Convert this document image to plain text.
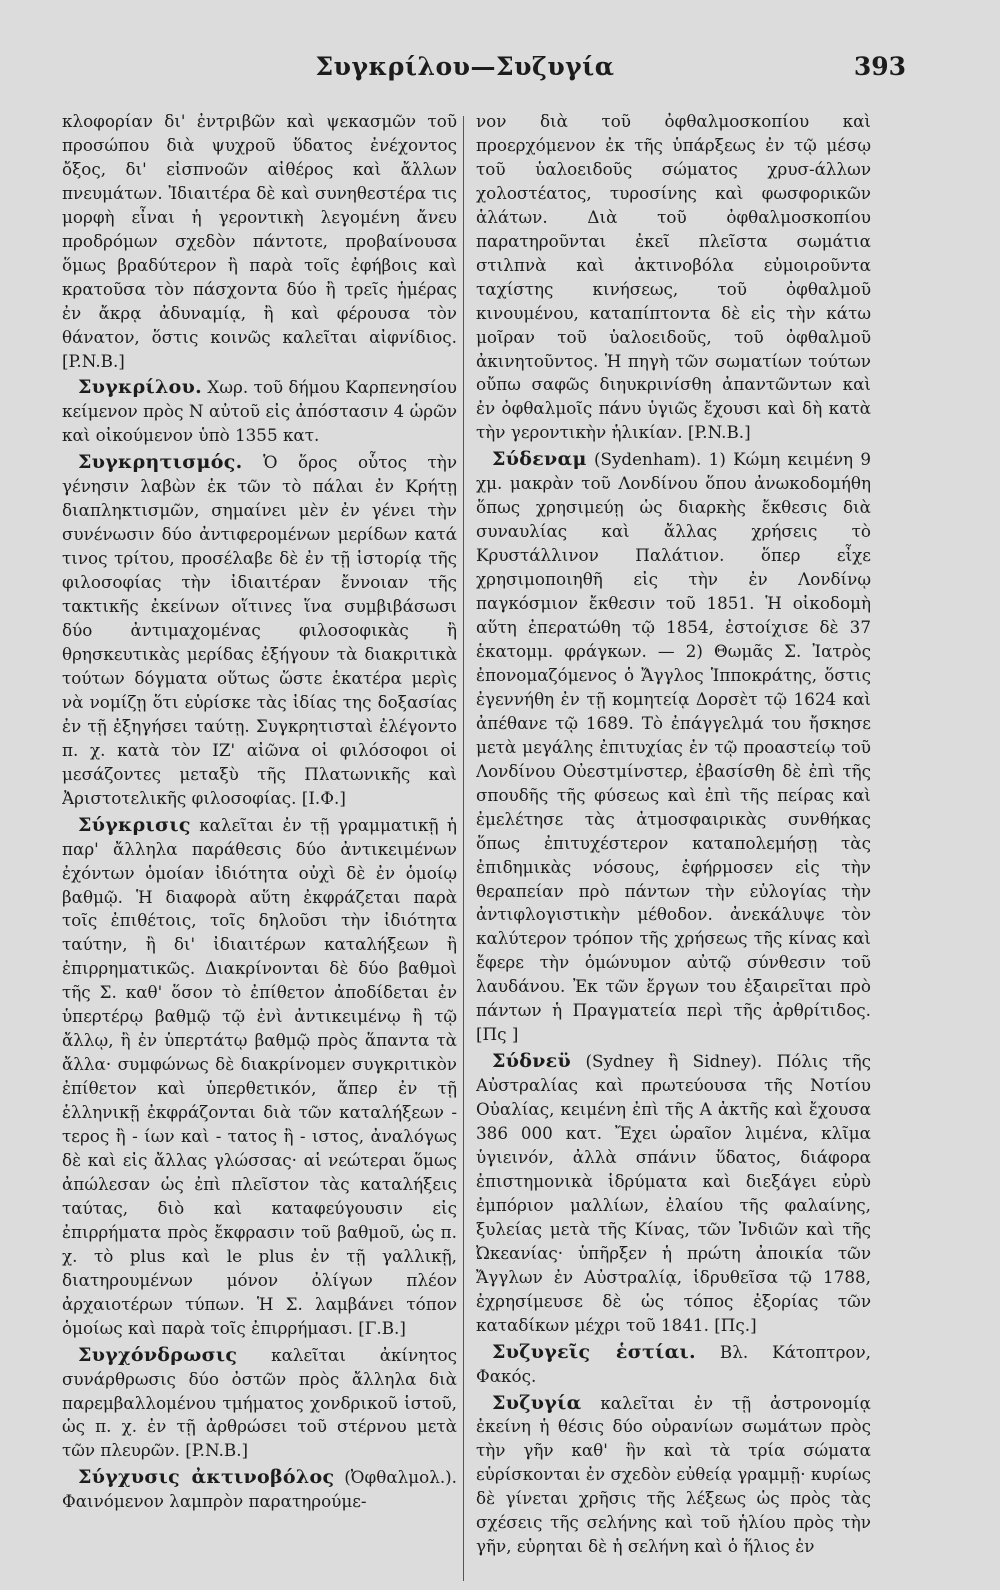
Συγκρίλου—Συζυγία	393

κλοφορίαν δι' ἐντριβῶν καὶ ψεκασμῶν τοῦ προσώπου διὰ ψυχροῦ ὕδατος ἐνέχοντος ὄξος, δι' εἰσπνοῶν αἰθέρος καὶ ἄλλων πνευμάτων. Ἰδιαιτέρα δὲ καὶ συνηθεστέρα τις μορφὴ εἶναι ἡ γεροντικὴ λεγομένη ἄνευ προδρόμων σχεδὸν πάντοτε, προβαίνουσα ὅμως βραδύτερον ἢ παρὰ τοῖς ἐφήβοις καὶ κρατοῦσα τὸν πάσχοντα δύο ἢ τρεῖς ἡμέρας ἐν ἄκρᾳ ἀδυναμίᾳ, ἢ καὶ φέρουσα τὸν θάνατον, ὅστις κοινῶς καλεῖται αἰφνίδιος. [P.N.B.]

Συγκρίλου. Χωρ. τοῦ δήμου Καρπενησίου κείμενον πρὸς Ν αὐτοῦ εἰς ἀπόστασιν 4 ὡρῶν καὶ οἰκούμενον ὑπὸ 1355 κατ.

Συγκρητισμός. Ὁ ὅρος οὗτος τὴν γένησιν λαβὼν ἐκ τῶν τὸ πάλαι ἐν Κρήτῃ διαπληκτισμῶν, σημαίνει μὲν ἐν γένει τὴν συνένωσιν δύο ἀντιφερομένων μερίδων κατά τινος τρίτου, προσέλαβε δὲ ἐν τῇ ἱστορίᾳ τῆς φιλοσοφίας τὴν ἰδιαιτέραν ἔννοιαν τῆς τακτικῆς ἐκείνων οἵτινες ἵνα συμβιβάσωσι δύο ἀντιμαχομένας φιλοσοφικὰς ἢ θρησκευτικὰς μερίδας ἐξήγουν τὰ διακριτικὰ τούτων δόγματα οὕτως ὥστε ἑκατέρα μερὶς νὰ νομίζῃ ὅτι εὑρίσκε τὰς ἰδίας της δοξασίας ἐν τῇ ἐξηγήσει ταύτῃ. Συγκρητισταὶ ἐλέγοντο π. χ. κατὰ τὸν ΙΖ' αἰῶνα οἱ φιλόσοφοι οἱ μεσάζοντες μεταξὺ τῆς Πλατωνικῆς καὶ Ἀριστοτελικῆς φιλοσοφίας. [Ι.Φ.]

Σύγκρισις καλεῖται ἐν τῇ γραμματικῇ ἡ παρ' ἄλληλα παράθεσις δύο ἀντικειμένων ἐχόντων ὁμοίαν ἰδιότητα οὐχὶ δὲ ἐν ὁμοίῳ βαθμῷ. Ἡ διαφορὰ αὕτη ἐκφράζεται παρὰ τοῖς ἐπιθέτοις, τοῖς δηλοῦσι τὴν ἰδιότητα ταύτην, ἢ δι' ἰδιαιτέρων καταλήξεων ἢ ἐπιρρηματικῶς. Διακρίνονται δὲ δύο βαθμοὶ τῆς Σ. καθ' ὅσον τὸ ἐπίθετον ἀποδίδεται ἐν ὑπερτέρῳ βαθμῷ τῷ ἐνὶ ἀντικειμένῳ ἢ τῷ ἄλλῳ, ἢ ἐν ὑπερτάτῳ βαθμῷ πρὸς ἅπαντα τὰ ἄλλα· συμφώνως δὲ διακρίνομεν συγκριτικὸν ἐπίθετον καὶ ὑπερθετικόν, ἅπερ ἐν τῇ ἑλληνικῇ ἐκφράζονται διὰ τῶν καταλήξεων - τερος ἢ - ίων καὶ - τατος ἢ - ιστος, ἀναλόγως δὲ καὶ εἰς ἄλλας γλώσσας· αἱ νεώτεραι ὅμως ἀπώλεσαν ὡς ἐπὶ πλεῖστον τὰς καταλήξεις ταύτας, διὸ καὶ καταφεύγουσιν εἰς ἐπιρρήματα πρὸς ἔκφρασιν τοῦ βαθμοῦ, ὡς π. χ. τὸ plus καὶ le plus ἐν τῇ γαλλικῇ, διατηρουμένων μόνον ὀλίγων πλέον ἀρχαιοτέρων τύπων. Ἡ Σ. λαμβάνει τόπον ὁμοίως καὶ παρὰ τοῖς ἐπιρρήμασι. [Γ.Β.]

Συγχόνδρωσις καλεῖται ἀκίνητος συνάρθρωσις δύο ὀστῶν πρὸς ἄλληλα διὰ παρεμβαλλομένου τμήματος χονδρικοῦ ἱστοῦ, ὡς π. χ. ἐν τῇ ἀρθρώσει τοῦ στέρνου μετὰ τῶν πλευρῶν. [P.N.B.]

Σύγχυσις ἀκτινοβόλος (Ὀφθαλμολ.). Φαινόμενον λαμπρὸν παρατηρούμε-

νον διὰ τοῦ ὀφθαλμοσκοπίου καὶ προερχόμενον ἐκ τῆς ὑπάρξεως ἐν τῷ μέσῳ τοῦ ὑαλοειδοῦς σώματος χρυσ-άλλων χολοστέατος, τυροσίνης καὶ φωσφορικῶν ἁλάτων. Διὰ τοῦ ὀφθαλμοσκοπίου παρατηροῦνται ἐκεῖ πλεῖστα σωμάτια στιλπνὰ καὶ ἀκτινοβόλα εὐμοιροῦντα ταχίστης κινήσεως, τοῦ ὀφθαλμοῦ κινουμένου, καταπίπτοντα δὲ εἰς τὴν κάτω μοῖραν τοῦ ὑαλοειδοῦς, τοῦ ὀφθαλμοῦ ἀκινητοῦντος. Ἡ πηγὴ τῶν σωματίων τούτων οὔπω σαφῶς διηυκρινίσθη ἀπαντῶντων καὶ ἐν ὀφθαλμοῖς πάνυ ὑγιῶς ἔχουσι καὶ δὴ κατὰ τὴν γεροντικὴν ἡλικίαν. [P.N.B.]

Σύδεναμ (Sydenham). 1) Κώμη κειμένη 9 χμ. μακρὰν τοῦ Λονδίνου ὅπου ἀνωκοδομήθη ὅπως χρησιμεύῃ ὡς διαρκὴς ἔκθεσις διὰ συναυλίας καὶ ἄλλας χρήσεις τὸ Κρυστάλλινον Παλάτιον. ὅπερ εἶχε χρησιμοποιηθῆ εἰς τὴν ἐν Λονδίνῳ παγκόσμιον ἔκθεσιν τοῦ 1851. Ἡ οἰκοδομὴ αὕτη ἐπερατώθη τῷ 1854, ἐστοίχισε δὲ 37 ἑκατομμ. φράγκων. — 2) Θωμᾶς Σ. Ἰατρὸς ἐπονομαζόμενος ὁ Ἄγγλος Ἱπποκράτης, ὅστις ἐγεννήθη ἐν τῇ κομητείᾳ Δορσὲτ τῷ 1624 καὶ ἀπέθανε τῷ 1689. Τὸ ἐπάγγελμά του ἤσκησε μετὰ μεγάλης ἐπιτυχίας ἐν τῷ προαστείῳ τοῦ Λονδίνου Οὐεστμίνστερ, ἐβασίσθη δὲ ἐπὶ τῆς σπουδῆς τῆς φύσεως καὶ ἐπὶ τῆς πείρας καὶ ἐμελέτησε τὰς ἀτμοσφαιρικὰς συνθήκας ὅπως ἐπιτυχέστερον καταπολεμήσῃ τὰς ἐπιδημικὰς νόσους, ἐφήρμοσεν εἰς τὴν θεραπείαν πρὸ πάντων τὴν εὐλογίας τὴν ἀντιφλογιστικὴν μέθοδον. ἀνεκάλυψε τὸν καλύτερον τρόπον τῆς χρήσεως τῆς κίνας καὶ ἔφερε τὴν ὁμώνυμον αὐτῷ σύνθεσιν τοῦ λαυδάνου. Ἐκ τῶν ἔργων του ἐξαιρεῖται πρὸ πάντων ἡ Πραγματεία περὶ τῆς ἀρθρίτιδος. [Πς ]

Σύδνεϋ (Sydney ἢ Sidney). Πόλις τῆς Αὐστραλίας καὶ πρωτεύουσα τῆς Νοτίου Οὐαλίας, κειμένη ἐπὶ τῆς Α ἀκτῆς καὶ ἔχουσα 386 000 κατ. Ἔχει ὡραῖον λιμένα, κλῖμα ὑγιεινόν, ἀλλὰ σπάνιν ὕδατος, διάφορα ἐπιστημονικὰ ἱδρύματα καὶ διεξάγει εὐρὺ ἐμπόριον μαλλίων, ἐλαίου τῆς φαλαίνης, ξυλείας μετὰ τῆς Κίνας, τῶν Ἰνδιῶν καὶ τῆς Ὠκεανίας· ὑπῆρξεν ἡ πρώτη ἀποικία τῶν Ἄγγλων ἐν Αὐστραλίᾳ, ἱδρυθεῖσα τῷ 1788, ἐχρησίμευσε δὲ ὡς τόπος ἐξορίας τῶν καταδίκων μέχρι τοῦ 1841. [Πς.]

Συζυγεῖς ἑστίαι. Βλ. Κάτοπτρον, Φακός.

Συζυγία καλεῖται ἐν τῇ ἀστρονομίᾳ ἐκείνη ἡ θέσις δύο οὐρανίων σωμάτων πρὸς τὴν γῆν καθ' ἣν καὶ τὰ τρία σώματα εὑρίσκονται ἐν σχεδὸν εὐθείᾳ γραμμῇ· κυρίως δὲ γίνεται χρῆσις τῆς λέξεως ὡς πρὸς τὰς σχέσεις τῆς σελήνης καὶ τοῦ ἡλίου πρὸς τὴν γῆν, εὑρηται δὲ ἡ σελήνη καὶ ὁ ἥλιος ἐν
